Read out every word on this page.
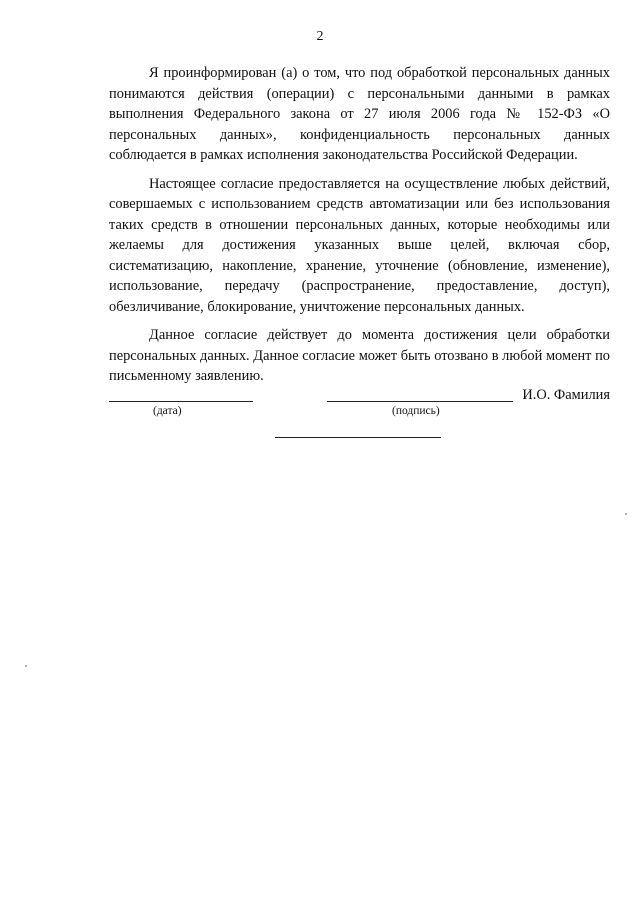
2

Я проинформирован (а) о том, что под обработкой персональных данных понимаются действия (операции) с персональными данными в рамках выполнения Федерального закона от 27 июля 2006 года № 152-ФЗ «О персональных данных», конфиденциальность персональных данных соблюдается в рамках исполнения законодательства Российской Федерации.

Настоящее согласие предоставляется на осуществление любых действий, совершаемых с использованием средств автоматизации или без использования таких средств в отношении персональных данных, которые необходимы или желаемы для достижения указанных выше целей, включая сбор, систематизацию, накопление, хранение, уточнение (обновление, изменение), использование, передачу (распространение, предоставление, доступ), обезличивание, блокирование, уничтожение персональных данных.

Данное согласие действует до момента достижения цели обработки персональных данных. Данное согласие может быть отозвано в любой момент по письменному заявлению.

(дата)	(подпись)
И.О. Фамилия
